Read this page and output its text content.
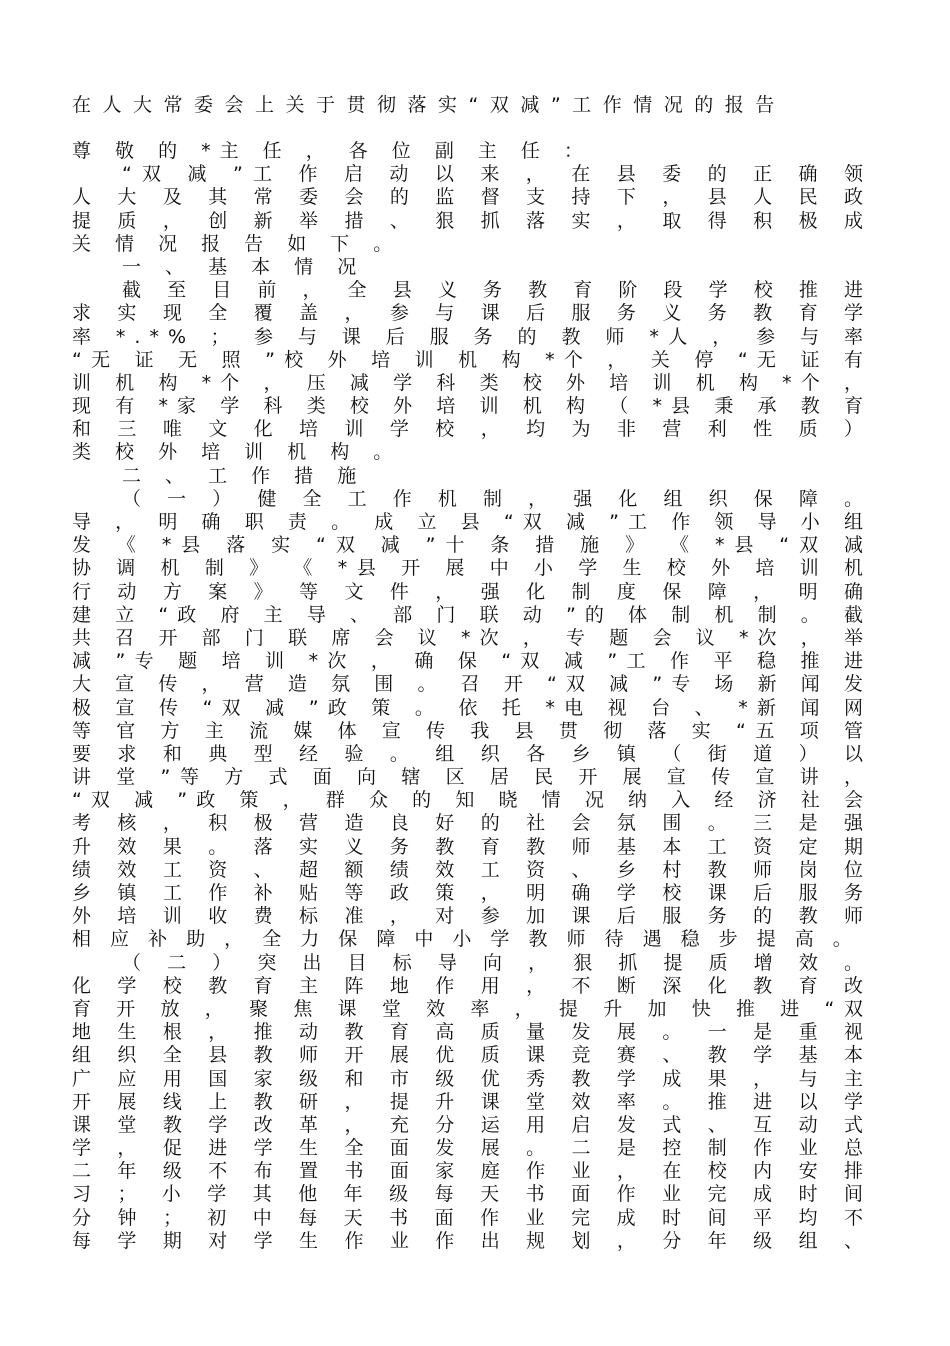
在人大常委会上关于贯彻落实“双减”工作情况的报告
尊 敬 的 *主 任 ， 各 位 副 主 任 ：
“双 减 ”工 作 启 动 以 来 ， 在 县 委 的 正 确 领
人 大 及 其 常 委 会 的 监 督 支 持 下 ， 县 人 民 政
提 质 ， 创 新 举 措 、 狠 抓 落 实 ， 取 得 积 极 成
关 情 况 报 告 如 下 。
一 、 基 本 情 况
截 至 目 前 ， 全 县 义 务 教 育 阶 段 学 校 推 进
求 实 现 全 覆 盖 ， 参 与 课 后 服 务 义 务 教 育 学
率 *.*% ； 参 与 课 后 服 务 的 教 师 *人 ， 参 与 率
“无 证 无 照 ”校 外 培 训 机 构 *个 ， 关 停 “无 证 有
训 机 构 *个 ， 压 减 学 科 类 校 外 培 训 机 构 *个 ，
现 有 *家 学 科 类 校 外 培 训 机 构 （ *县 秉 承 教 育
和 三 唯 文 化 培 训 学 校 ， 均 为 非 营 利 性 质 ）
类 校 外 培 训 机 构 。
二 、 工 作 措 施
（ 一 ） 健 全 工 作 机 制 ， 强 化 组 织 保 障 。
导 ， 明 确 职 责 。 成 立 县 “双 减 ”工 作 领 导 小 组
发 《 *县 落 实 “双 减 ”十 条 措 施 》 《 *县 “双 减
协 调 机 制 》 《 *县 开 展 中 小 学 生 校 外 培 训 机
行 动 方 案 》 等 文 件 ， 强 化 制 度 保 障 ， 明 确
建 立 “政 府 主 导 、 部 门 联 动 ”的 体 制 机 制 。 截
共 召 开 部 门 联 席 会 议 *次 ， 专 题 会 议 *次 ， 举
减 ”专 题 培 训 *次 ， 确 保 “双 减 ”工 作 平 稳 推 进
大 宣 传 ， 营 造 氛 围 。 召 开 “双 减 ”专 场 新 闻 发
极 宣 传 “双 减 ”政 策 。 依 托 *电 视 台 、 *新 闻 网
等 官 方 主 流 媒 体 宣 传 我 县 贯 彻 落 实 “五 项 管
要 求 和 典 型 经 验 。 组 织 各 乡 镇 （ 街 道 ） 以
讲 堂 ”等 方 式 面 向 辖 区 居 民 开 展 宣 传 宣 讲 ，
“双 减 ”政 策 ， 群 众 的 知 晓 情 况 纳 入 经 济 社 会
考 核 ， 积 极 营 造 良 好 的 社 会 氛 围 。 三 是 强
升 效 果 。 落 实 义 务 教 育 教 师 基 本 工 资 定 期
绩 效 工 资 、 超 额 绩 效 工 资 、 乡 村 教 师 岗 位
乡 镇 工 作 补 贴 等 政 策 ， 明 确 学 校 课 后 服 务
外 培 训 收 费 标 准 ， 对 参 加 课 后 服 务 的 教 师
相 应 补 助 ， 全 力 保 障 中 小 学 教 师 待 遇 稳 步 提 高 。
（ 二 ） 突 出 目 标 导 向 ， 狠 抓 提 质 增 效 。
化 学 校 教 育 主 阵 地 作 用 ， 不 断 深 化 教 育 改
育 开 放 ， 聚 焦 课 堂 效 率 ， 提 升 加 快 推 进 “双
地 生 根 ， 推 动 教 育 高 质 量 发 展 。 一 是 重 视
组 织 全 县 教 师 开 展 优 质 课 竞 赛 、 教 学 基 本
广 应 用 国 家 级 和 市 级 优 秀 教 学 成 果 ， 与 主
开 展 线 上 教 研 ， 提 升 课 堂 效 率 。 推 进 以 学
课 堂 教 学 改 革 ， 充 分 运 用 启 发 式 、 互 动 式
学 ， 促 进 学 生 全 面 发 展 。 二 是 控 制 作 业 总
二 年 级 不 布 置 书 面 家 庭 作 业 ， 在 校 内 安 排
习 ； 小 学 其 他 年 级 每 天 书 面 作 业 完 成 时 间
分 钟 ； 初 中 每 天 书 面 作 业 完 成 时 间 平 均 不
每 学 期 对 学 生 作 业 作 出 规 划 ， 分 年 级 组 、
